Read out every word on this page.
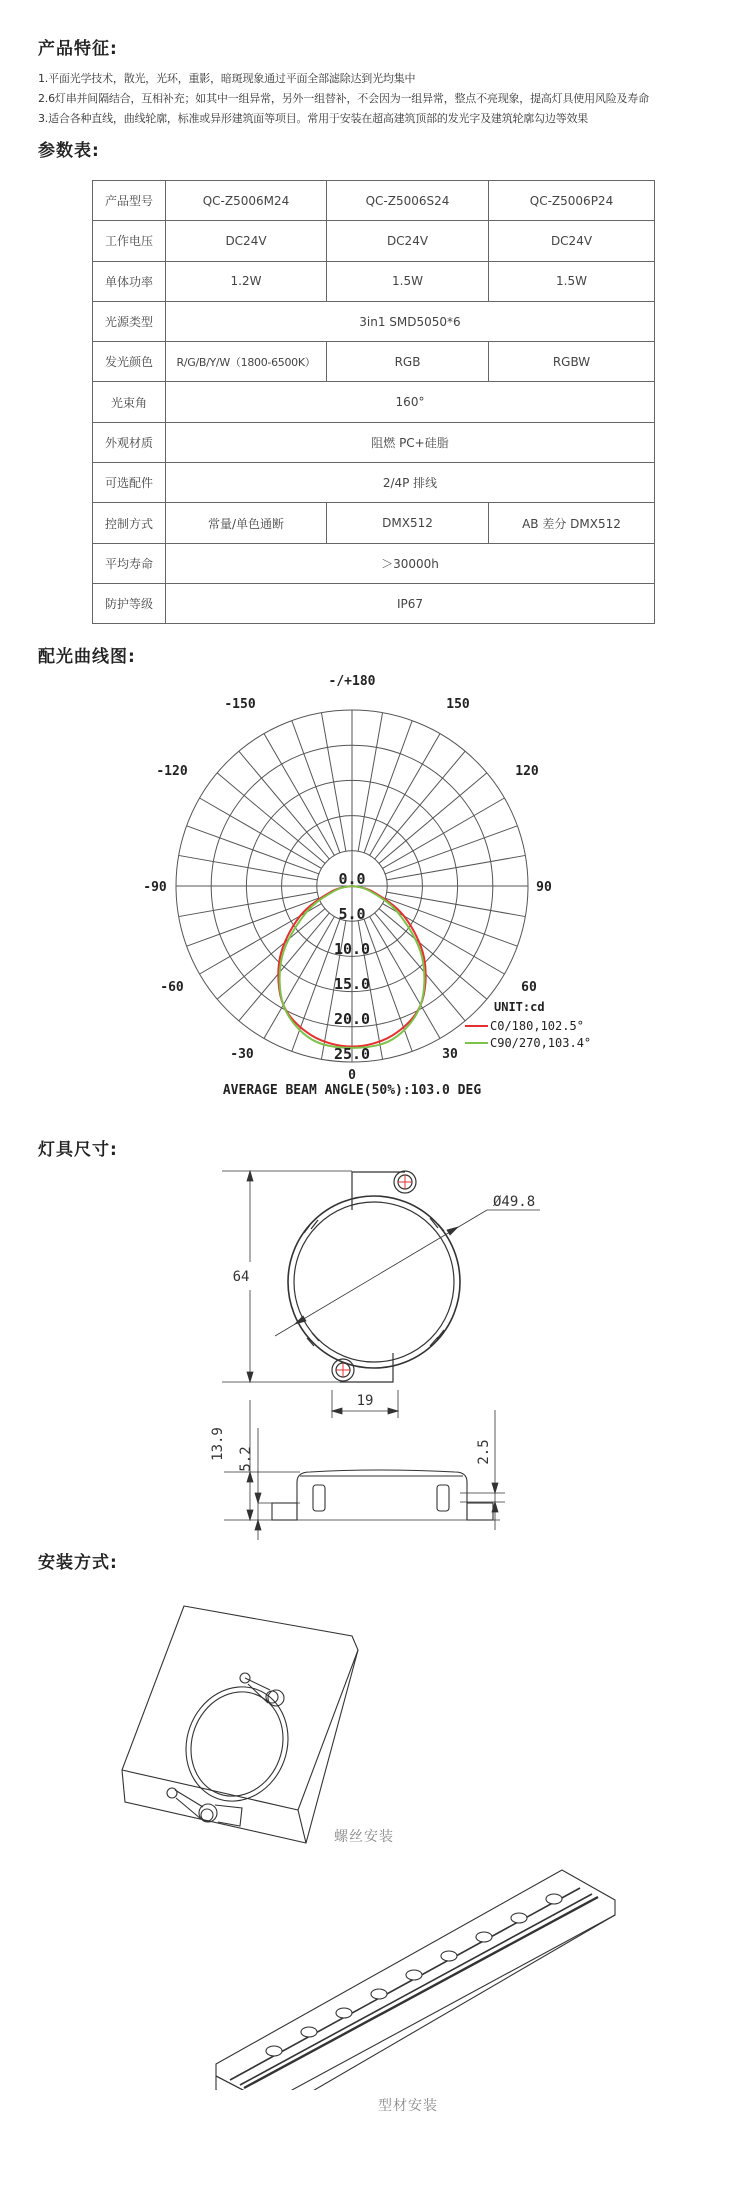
产品特征:
1.平面光学技术，散光，光环，重影，暗斑现象通过平面全部滤除达到光均集中
2.6灯串并间隔结合，互相补充；如其中一组异常，另外一组替补，不会因为一组异常，整点不亮现象，提高灯具使用风险及寿命
3.适合各种直线，曲线轮廓，标准或异形建筑面等项目。常用于安装在超高建筑顶部的发光字及建筑轮廓勾边等效果
参数表:
产品型号	QC-Z5006M24	QC-Z5006S24	QC-Z5006P24
工作电压	DC24V	DC24V	DC24V
单体功率	1.2W	1.5W	1.5W
光源类型	3in1 SMD5050*6		
发光颜色	R/G/B/Y/W（1800-6500K）	RGB	RGBW
光束角	160°		
外观材质	阻燃 PC+硅脂		
可选配件	2/4P 排线		
控制方式	常量/单色通断	DMX512	AB 差分 DMX512
平均寿命	＞30000h		
防护等级	IP67		
配光曲线图:
-/+180
-150	150
-120	120
-90	90
-60	60
-30	30
0
0.0
5.0
10.0
15.0
20.0
25.0
UNIT:cd
C0/180,102.5°
C90/270,103.4°
AVERAGE BEAM ANGLE(50%):103.0 DEG
灯具尺寸:
64
Ø49.8
19
13.9 5.2	2.5
安装方式:
螺丝安装
型材安装
